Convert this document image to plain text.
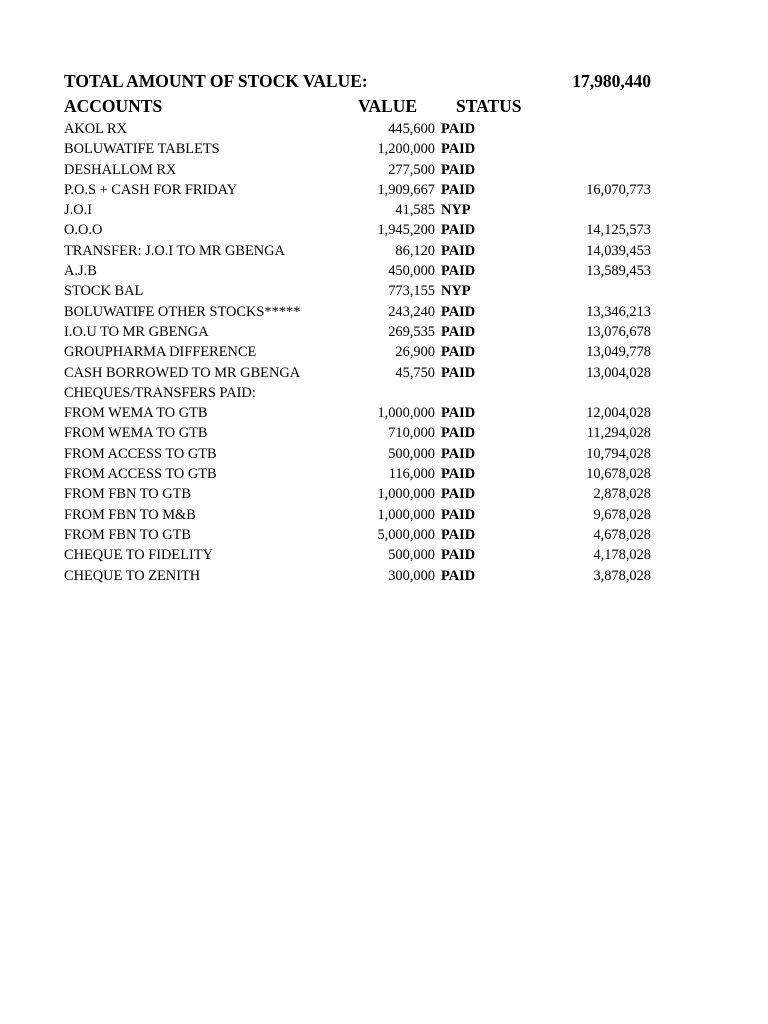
TOTAL AMOUNT OF STOCK VALUE:	17,980,440
ACCOUNTS	VALUE STATUS
AKOL RX	445,600 PAID
BOLUWATIFE TABLETS	1,200,000 PAID
DESHALLOM RX	277,500 PAID
P.O.S + CASH FOR FRIDAY	1,909,667 PAID	16,070,773
J.O.I	41,585 NYP
O.O.O	1,945,200 PAID	14,125,573
TRANSFER: J.O.I TO MR GBENGA	86,120 PAID	14,039,453
A.J.B	450,000 PAID	13,589,453
STOCK BAL	773,155 NYP
BOLUWATIFE OTHER STOCKS*****	243,240 PAID	13,346,213
I.O.U TO MR GBENGA	269,535 PAID	13,076,678
GROUPHARMA DIFFERENCE	26,900 PAID	13,049,778
CASH BORROWED TO MR GBENGA	45,750 PAID	13,004,028
CHEQUES/TRANSFERS PAID:
FROM WEMA TO GTB	1,000,000 PAID	12,004,028
FROM WEMA TO GTB	710,000 PAID	11,294,028
FROM ACCESS TO GTB	500,000 PAID	10,794,028
FROM ACCESS TO GTB	116,000 PAID	10,678,028
FROM FBN TO GTB	1,000,000 PAID	2,878,028
FROM FBN TO M&B	1,000,000 PAID	9,678,028
FROM FBN TO GTB	5,000,000 PAID	4,678,028
CHEQUE TO FIDELITY	500,000 PAID	4,178,028
CHEQUE TO ZENITH	300,000 PAID	3,878,028
